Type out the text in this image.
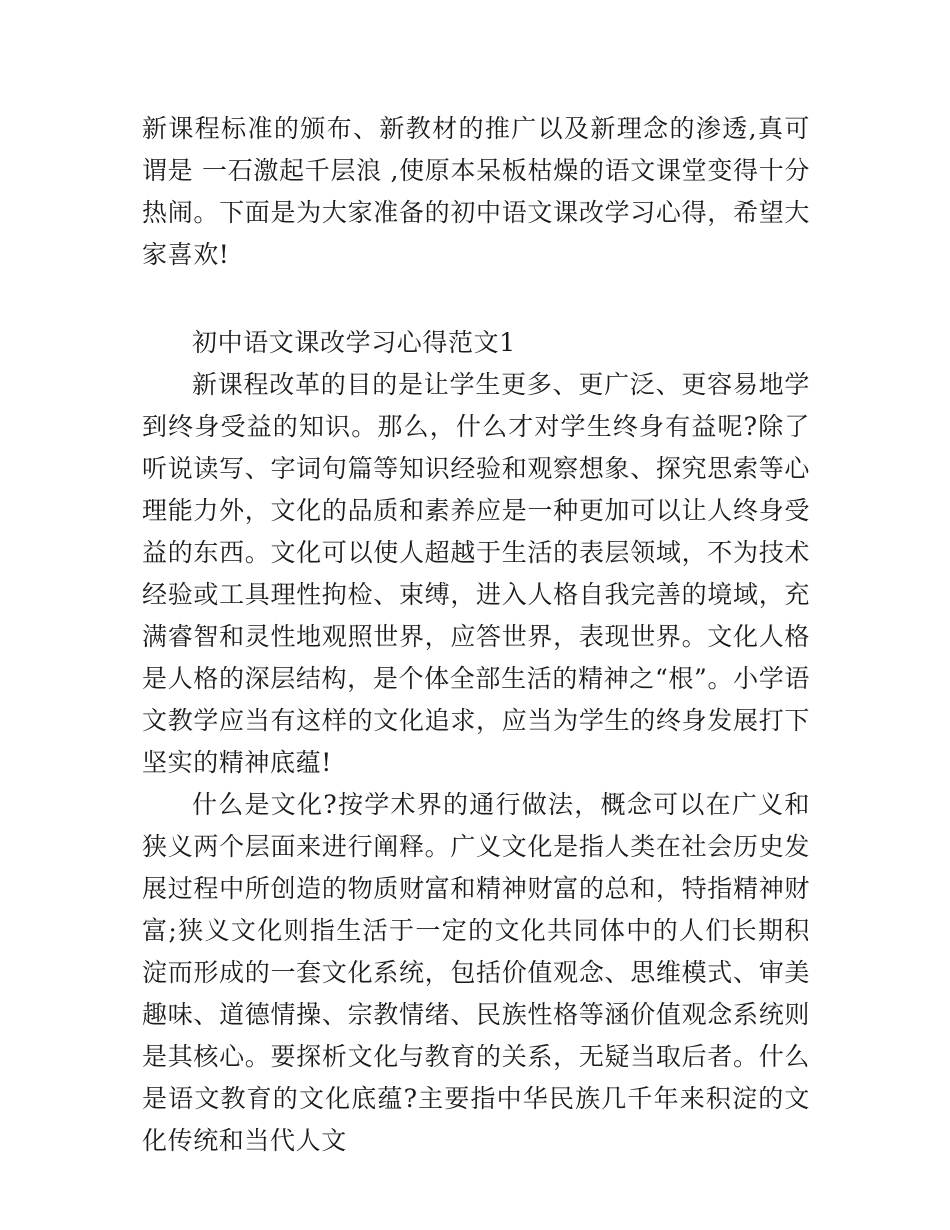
新课程标准的颁布、新教材的推广以及新理念的渗透,真可谓是 一石激起千层浪 ,使原本呆板枯燥的语文课堂变得十分热闹。下面是为大家准备的初中语文课改学习心得，希望大家喜欢!

初中语文课改学习心得范文1

新课程改革的目的是让学生更多、更广泛、更容易地学到终身受益的知识。那么，什么才对学生终身有益呢?除了听说读写、字词句篇等知识经验和观察想象、探究思索等心理能力外，文化的品质和素养应是一种更加可以让人终身受益的东西。文化可以使人超越于生活的表层领域，不为技术经验或工具理性拘检、束缚，进入人格自我完善的境域，充满睿智和灵性地观照世界，应答世界，表现世界。文化人格是人格的深层结构，是个体全部生活的精神之“根”。小学语文教学应当有这样的文化追求，应当为学生的终身发展打下坚实的精神底蕴!

什么是文化?按学术界的通行做法，概念可以在广义和狭义两个层面来进行阐释。广义文化是指人类在社会历史发展过程中所创造的物质财富和精神财富的总和，特指精神财富;狭义文化则指生活于一定的文化共同体中的人们长期积淀而形成的一套文化系统，包括价值观念、思维模式、审美趣味、道德情操、宗教情绪、民族性格等涵价值观念系统则是其核心。要探析文化与教育的关系，无疑当取后者。什么是语文教育的文化底蕴?主要指中华民族几千年来积淀的文化传统和当代人文
